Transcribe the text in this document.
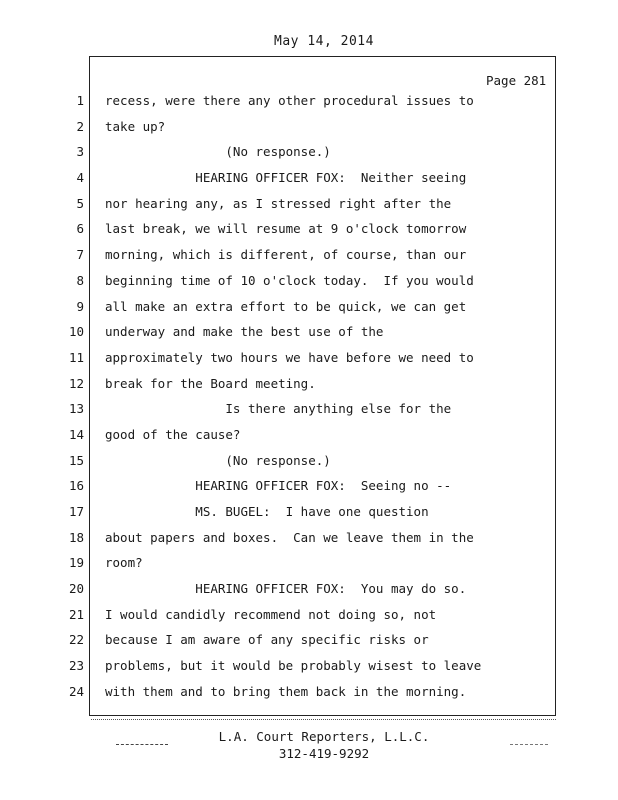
May 14, 2014
Page 281
1
2
3
4
5
6
7
8
9
10
11
12
13
14
15
16
17
18
19
20
21
22
23
24
recess, were there any other procedural issues to
take up?
(No response.)
HEARING OFFICER FOX:  Neither seeing
nor hearing any, as I stressed right after the
last break, we will resume at 9 o'clock tomorrow
morning, which is different, of course, than our
beginning time of 10 o'clock today.  If you would
all make an extra effort to be quick, we can get
underway and make the best use of the
approximately two hours we have before we need to
break for the Board meeting.
Is there anything else for the
good of the cause?
(No response.)
HEARING OFFICER FOX:  Seeing no --
MS. BUGEL:  I have one question
about papers and boxes.  Can we leave them in the
room?
HEARING OFFICER FOX:  You may do so.
I would candidly recommend not doing so, not
because I am aware of any specific risks or
problems, but it would be probably wisest to leave
with them and to bring them back in the morning.
L.A. Court Reporters, L.L.C.
312-419-9292
